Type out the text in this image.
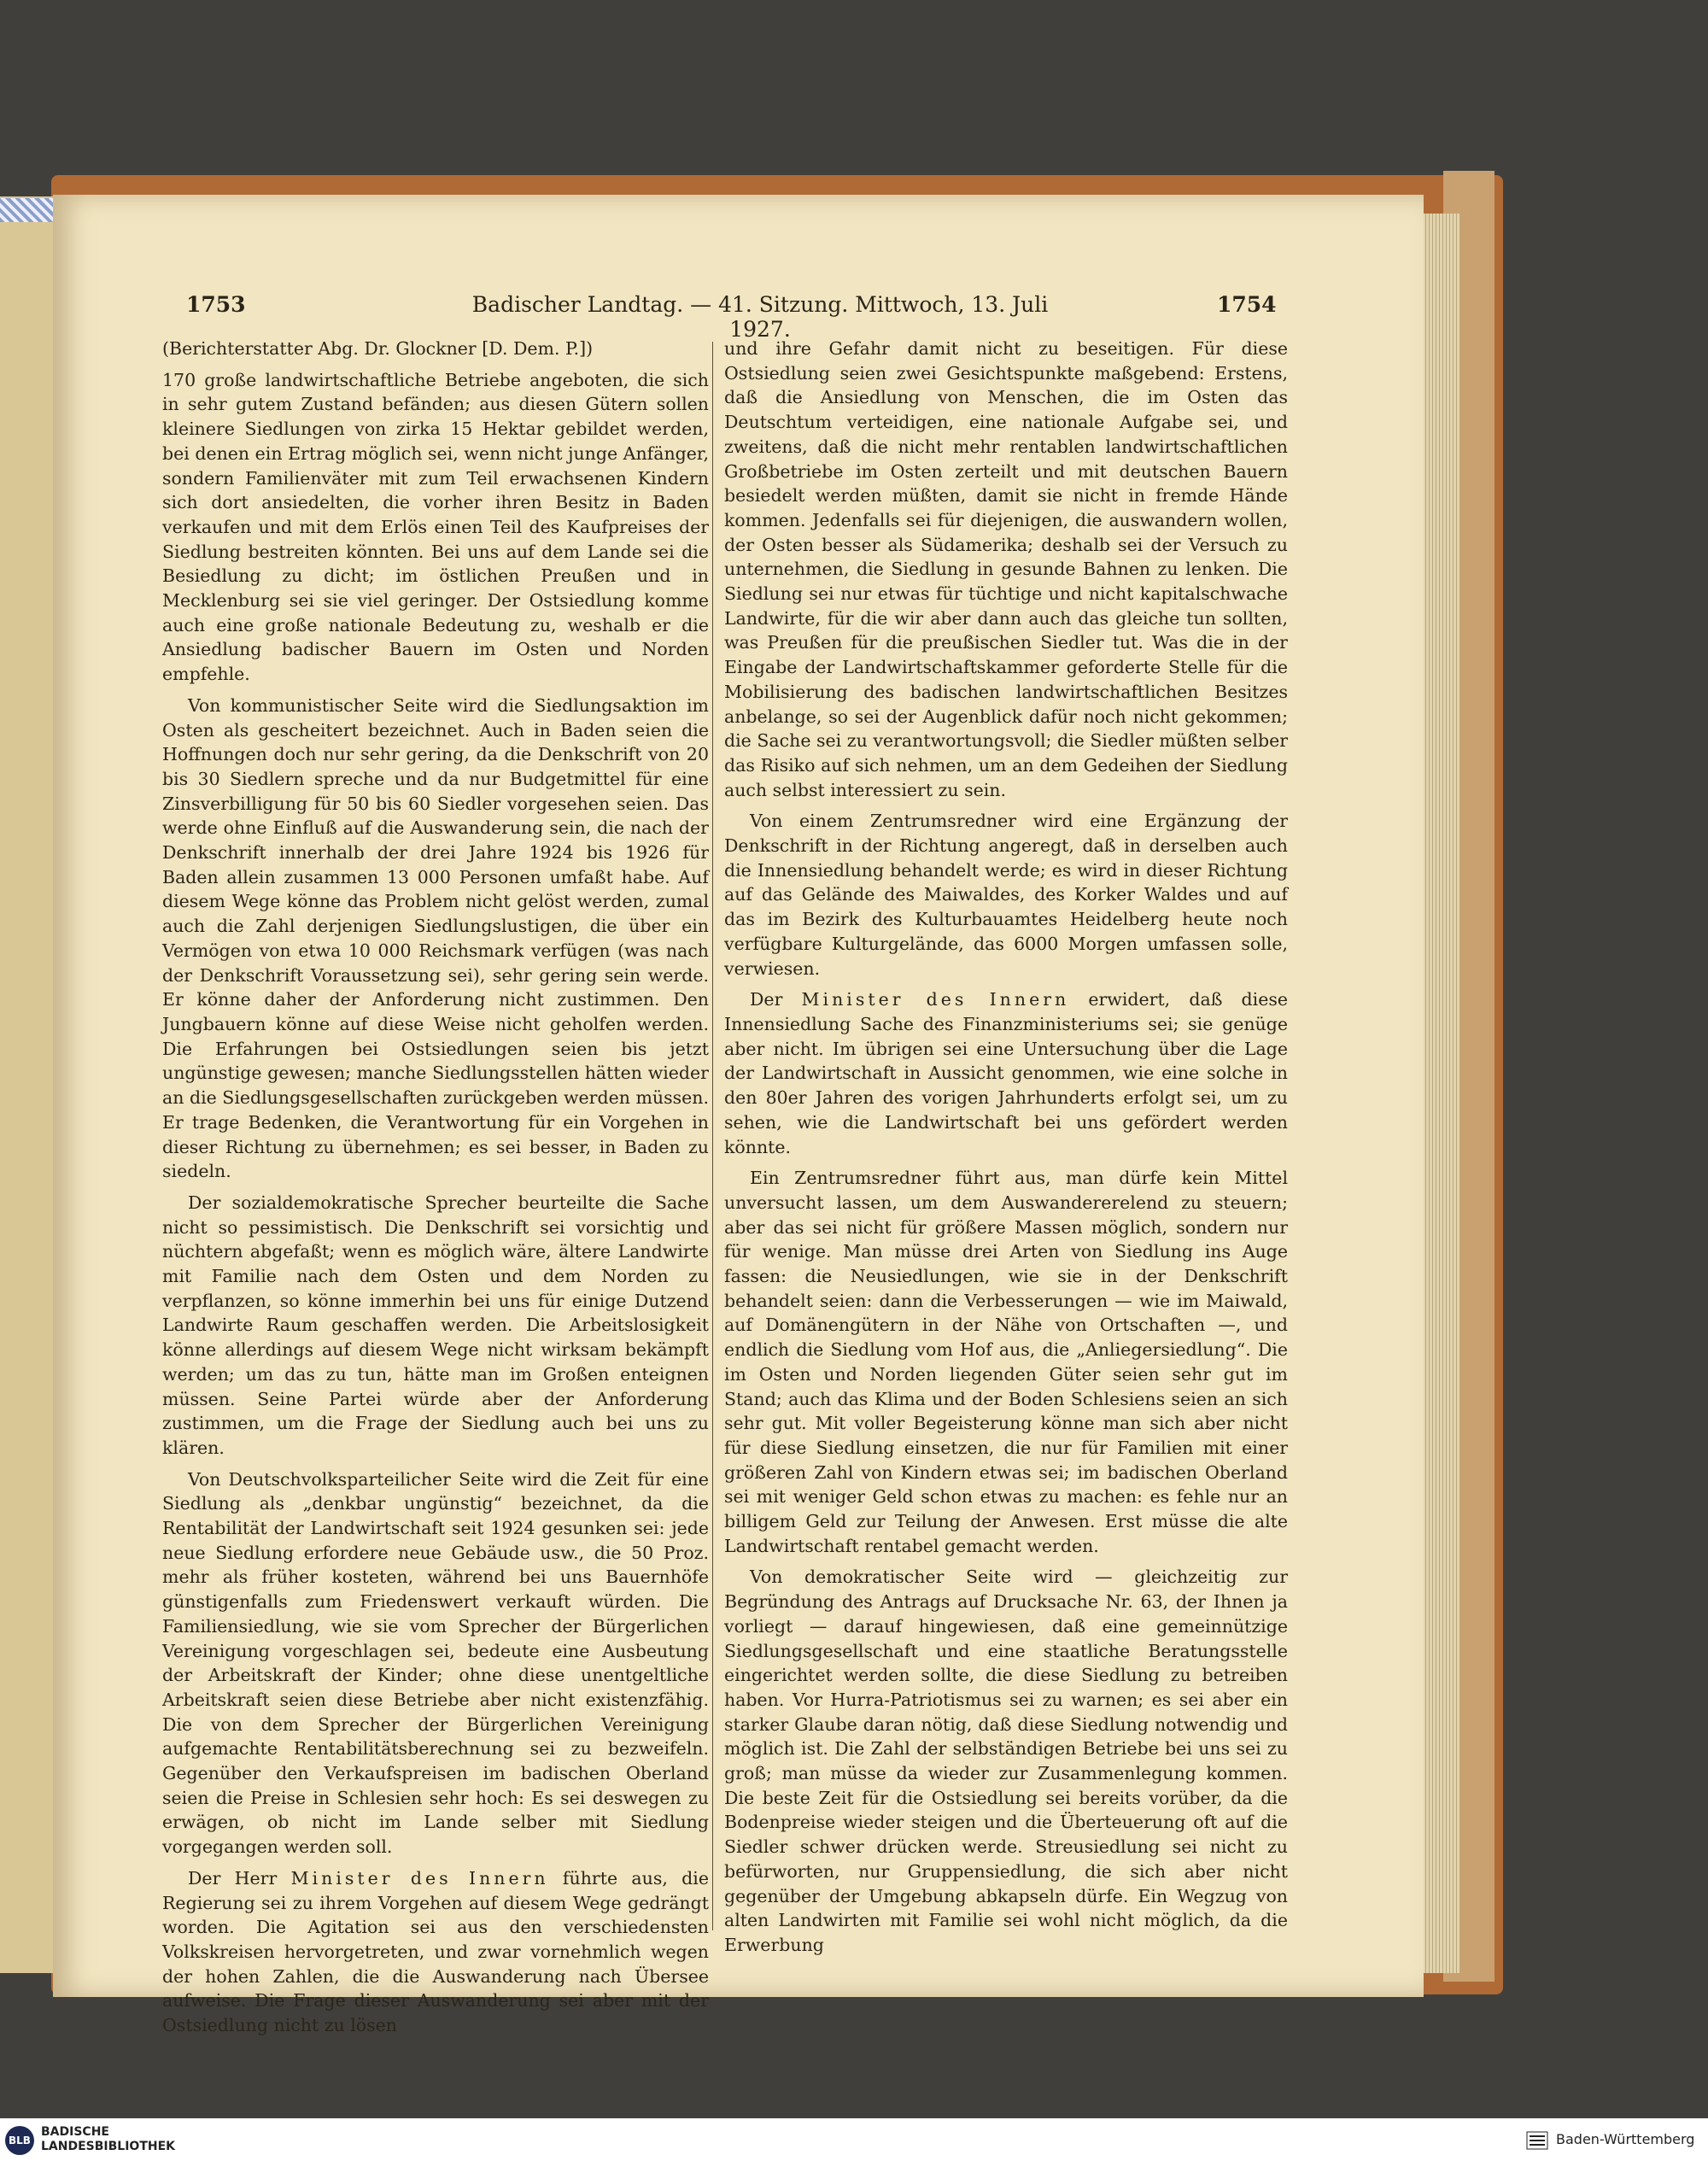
1753	Badischer Landtag. — 41. Sitzung. Mittwoch, 13. Juli 1927.
1754

(Berichterstatter Abg. Dr. Glockner [D. Dem. P.])

170 große landwirtschaftliche Betriebe angeboten, die sich in sehr gutem Zustand befänden; aus diesen Gütern sollen kleinere Siedlungen von zirka 15 Hektar gebildet werden, bei denen ein Ertrag möglich sei, wenn nicht junge Anfänger, sondern Familienväter mit zum Teil erwachsenen Kindern sich dort ansiedelten, die vorher ihren Besitz in Baden verkaufen und mit dem Erlös einen Teil des Kaufpreises der Siedlung bestreiten könnten. Bei uns auf dem Lande sei die Besiedlung zu dicht; im östlichen Preußen und in Mecklenburg sei sie viel geringer. Der Ostsiedlung komme auch eine große nationale Bedeutung zu, weshalb er die Ansiedlung badischer Bauern im Osten und Norden empfehle.

Von kommunistischer Seite wird die Siedlungsaktion im Osten als gescheitert bezeichnet. Auch in Baden seien die Hoffnungen doch nur sehr gering, da die Denkschrift von 20 bis 30 Siedlern spreche und da nur Budgetmittel für eine Zinsverbilligung für 50 bis 60 Siedler vorgesehen seien. Das werde ohne Einfluß auf die Auswanderung sein, die nach der Denkschrift innerhalb der drei Jahre 1924 bis 1926 für Baden allein zusammen 13 000 Personen umfaßt habe. Auf diesem Wege könne das Problem nicht gelöst werden, zumal auch die Zahl derjenigen Siedlungslustigen, die über ein Vermögen von etwa 10 000 Reichsmark verfügen (was nach der Denkschrift Voraussetzung sei), sehr gering sein werde. Er könne daher der Anforderung nicht zustimmen. Den Jungbauern könne auf diese Weise nicht geholfen werden. Die Erfahrungen bei Ostsiedlungen seien bis jetzt ungünstige gewesen; manche Siedlungsstellen hätten wieder an die Siedlungsgesellschaften zurückgeben werden müssen. Er trage Bedenken, die Verantwortung für ein Vorgehen in dieser Richtung zu übernehmen; es sei besser, in Baden zu siedeln.

Der sozialdemokratische Sprecher beurteilte die Sache nicht so pessimistisch. Die Denkschrift sei vorsichtig und nüchtern abgefaßt; wenn es möglich wäre, ältere Landwirte mit Familie nach dem Osten und dem Norden zu verpflanzen, so könne immerhin bei uns für einige Dutzend Landwirte Raum geschaffen werden. Die Arbeitslosigkeit könne allerdings auf diesem Wege nicht wirksam bekämpft werden; um das zu tun, hätte man im Großen enteignen müssen. Seine Partei würde aber der Anforderung zustimmen, um die Frage der Siedlung auch bei uns zu klären.

Von Deutschvolksparteilicher Seite wird die Zeit für eine Siedlung als „denkbar ungünstig“ bezeichnet, da die Rentabilität der Landwirtschaft seit 1924 gesunken sei: jede neue Siedlung erfordere neue Gebäude usw., die 50 Proz. mehr als früher kosteten, während bei uns Bauernhöfe günstigenfalls zum Friedenswert verkauft würden. Die Familiensiedlung, wie sie vom Sprecher der Bürgerlichen Vereinigung vorgeschlagen sei, bedeute eine Ausbeutung der Arbeitskraft der Kinder; ohne diese unentgeltliche Arbeitskraft seien diese Betriebe aber nicht existenzfähig. Die von dem Sprecher der Bürgerlichen Vereinigung aufgemachte Rentabilitätsberechnung sei zu bezweifeln. Gegenüber den Verkaufspreisen im badischen Oberland seien die Preise in Schlesien sehr hoch: Es sei deswegen zu erwägen, ob nicht im Lande selber mit Siedlung vorgegangen werden soll.

Der Herr Minister des Innern führte aus, die Regierung sei zu ihrem Vorgehen auf diesem Wege gedrängt worden. Die Agitation sei aus den verschiedensten Volkskreisen hervorgetreten, und zwar vornehmlich wegen der hohen Zahlen, die die Auswanderung nach Übersee aufweise. Die Frage dieser Auswanderung sei aber mit der Ostsiedlung nicht zu lösen

und ihre Gefahr damit nicht zu beseitigen. Für diese Ostsiedlung seien zwei Gesichtspunkte maßgebend: Erstens, daß die Ansiedlung von Menschen, die im Osten das Deutschtum verteidigen, eine nationale Aufgabe sei, und zweitens, daß die nicht mehr rentablen landwirtschaftlichen Großbetriebe im Osten zerteilt und mit deutschen Bauern besiedelt werden müßten, damit sie nicht in fremde Hände kommen. Jedenfalls sei für diejenigen, die auswandern wollen, der Osten besser als Südamerika; deshalb sei der Versuch zu unternehmen, die Siedlung in gesunde Bahnen zu lenken. Die Siedlung sei nur etwas für tüchtige und nicht kapitalschwache Landwirte, für die wir aber dann auch das gleiche tun sollten, was Preußen für die preußischen Siedler tut. Was die in der Eingabe der Landwirtschaftskammer geforderte Stelle für die Mobilisierung des badischen landwirtschaftlichen Besitzes anbelange, so sei der Augenblick dafür noch nicht gekommen; die Sache sei zu verantwortungsvoll; die Siedler müßten selber das Risiko auf sich nehmen, um an dem Gedeihen der Siedlung auch selbst interessiert zu sein.

Von einem Zentrumsredner wird eine Ergänzung der Denkschrift in der Richtung angeregt, daß in derselben auch die Innensiedlung behandelt werde; es wird in dieser Richtung auf das Gelände des Maiwaldes, des Korker Waldes und auf das im Bezirk des Kulturbauamtes Heidelberg heute noch verfügbare Kulturgelände, das 6000 Morgen umfassen solle, verwiesen.

Der Minister des Innern erwidert, daß diese Innensiedlung Sache des Finanzministeriums sei; sie genüge aber nicht. Im übrigen sei eine Untersuchung über die Lage der Landwirtschaft in Aussicht genommen, wie eine solche in den 80er Jahren des vorigen Jahrhunderts erfolgt sei, um zu sehen, wie die Landwirtschaft bei uns gefördert werden könnte.

Ein Zentrumsredner führt aus, man dürfe kein Mittel unversucht lassen, um dem Auswandererelend zu steuern; aber das sei nicht für größere Massen möglich, sondern nur für wenige. Man müsse drei Arten von Siedlung ins Auge fassen: die Neusiedlungen, wie sie in der Denkschrift behandelt seien: dann die Verbesserungen — wie im Maiwald, auf Domänengütern in der Nähe von Ortschaften —, und endlich die Siedlung vom Hof aus, die „Anliegersiedlung“. Die im Osten und Norden liegenden Güter seien sehr gut im Stand; auch das Klima und der Boden Schlesiens seien an sich sehr gut. Mit voller Begeisterung könne man sich aber nicht für diese Siedlung einsetzen, die nur für Familien mit einer größeren Zahl von Kindern etwas sei; im badischen Oberland sei mit weniger Geld schon etwas zu machen: es fehle nur an billigem Geld zur Teilung der Anwesen. Erst müsse die alte Landwirtschaft rentabel gemacht werden.

Von demokratischer Seite wird — gleichzeitig zur Begründung des Antrags auf Drucksache Nr. 63, der Ihnen ja vorliegt — darauf hingewiesen, daß eine gemeinnützige Siedlungsgesellschaft und eine staatliche Beratungsstelle eingerichtet werden sollte, die diese Siedlung zu betreiben haben. Vor Hurra-Patriotismus sei zu warnen; es sei aber ein starker Glaube daran nötig, daß diese Siedlung notwendig und möglich ist. Die Zahl der selbständigen Betriebe bei uns sei zu groß; man müsse da wieder zur Zusammenlegung kommen. Die beste Zeit für die Ostsiedlung sei bereits vorüber, da die Bodenpreise wieder steigen und die Überteuerung oft auf die Siedler schwer drücken werde. Streusiedlung sei nicht zu befürworten, nur Gruppensiedlung, die sich aber nicht gegenüber der Umgebung abkapseln dürfe. Ein Wegzug von alten Landwirten mit Familie sei wohl nicht möglich, da die Erwerbung

BLB
BADISCHE
LANDESBIBLIOTHEK	Baden-Württemberg
